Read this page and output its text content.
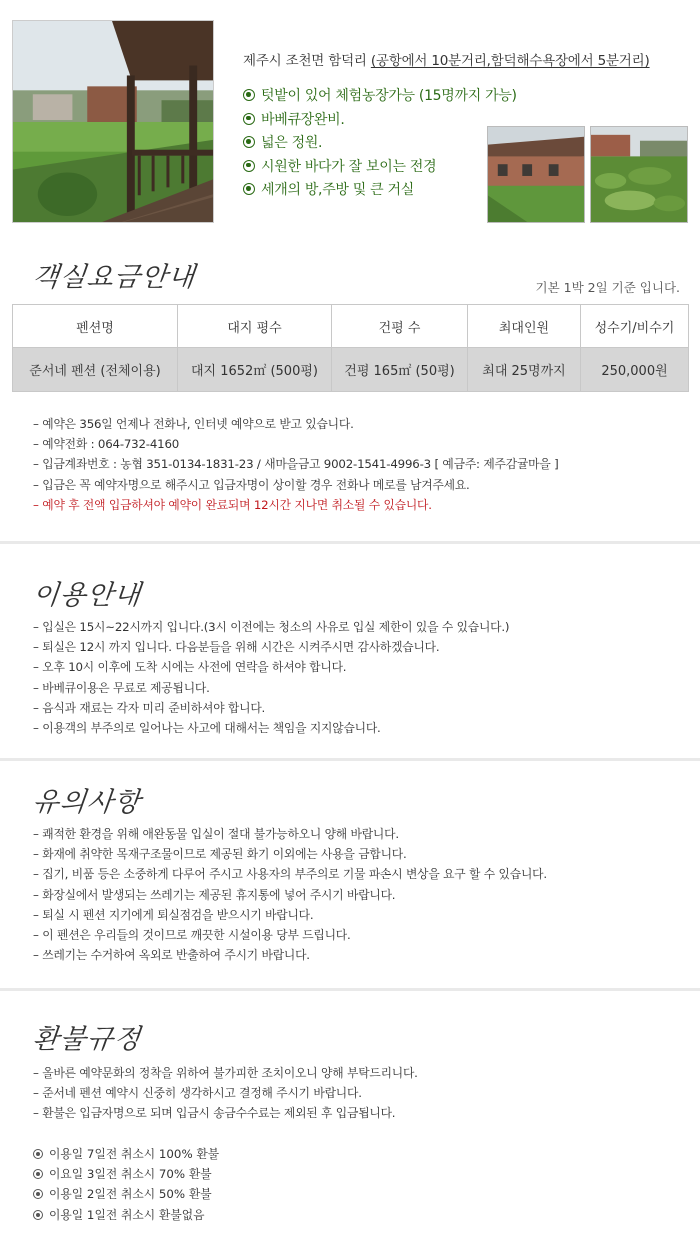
제주시 조천면 함덕리 (공항에서 10분거리,함덕해수욕장에서 5분거리)
텃밭이 있어 체험농장가능 (15명까지 가능)
바베큐장완비.
넓은 정원.
시원한 바다가 잘 보이는 전경
세개의 방,주방 및 큰 거실
객실요금안내	기본 1박 2일 기준 입니다.
펜션명	대지 평수	건평 수	최대인원	성수기/비수기
준서네 펜션 (전체이용)	대지 1652㎡ (500평)	건평 165㎡ (50평)	최대 25명까지	250,000원
– 예약은 356일 언제나 전화나, 인터넷 예약으로 받고 있습니다.
– 예약전화 : 064-732-4160
– 입금계좌번호 : 농협 351-0134-1831-23 / 새마을금고 9002-1541-4996-3 [ 예금주: 제주감귤마을 ]
– 입금은 꼭 예약자명으로 해주시고 입금자명이 상이할 경우 전화나 메로를 남겨주세요.
– 예약 후 전액 입금하셔야 예약이 완료되며 12시간 지나면 취소될 수 있습니다.
이용안내
– 입실은 15시~22시까지 입니다.(3시 이전에는 청소의 사유로 입실 제한이 있을 수 있습니다.)
– 퇴실은 12시 까지 입니다. 다음분들을 위해 시간은 시켜주시면 감사하겠습니다.
– 오후 10시 이후에 도착 시에는 사전에 연락을 하셔야 합니다.
– 바베큐이용은 무료로 제공됩니다.
– 음식과 재료는 각자 미리 준비하셔야 합니다.
– 이용객의 부주의로 일어나는 사고에 대해서는 책임을 지지않습니다.
유의사항
– 쾌적한 환경을 위해 애완동물 입실이 절대 불가능하오니 양해 바랍니다.
– 화재에 취약한 목재구조물이므로 제공된 화기 이외에는 사용을 금합니다.
– 집기, 비품 등은 소중하게 다루어 주시고 사용자의 부주의로 기물 파손시 변상을 요구 할 수 있습니다.
– 화장실에서 발생되는 쓰레기는 제공된 휴지통에 넣어 주시기 바랍니다.
– 퇴실 시 펜션 지기에게 퇴실점검을 받으시기 바랍니다.
– 이 펜션은 우리들의 것이므로 깨끗한 시설이용 당부 드립니다.
– 쓰레기는 수거하여 옥외로 반출하여 주시기 바랍니다.
환불규정
– 올바른 예약문화의 정착을 위하여 불가피한 조치이오니 양해 부탁드리니다.
– 준서네 펜션 예약시 신중히 생각하시고 결정해 주시기 바랍니다.
– 환불은 입금자명으로 되며 입금시 송금수수료는 제외된 후 입금됩니다.
이용일 7일전 취소시 100% 환불
이요일 3일전 취소시 70% 환불
이용일 2일전 취소시 50% 환불
이용일 1일전 취소시 환불없음
